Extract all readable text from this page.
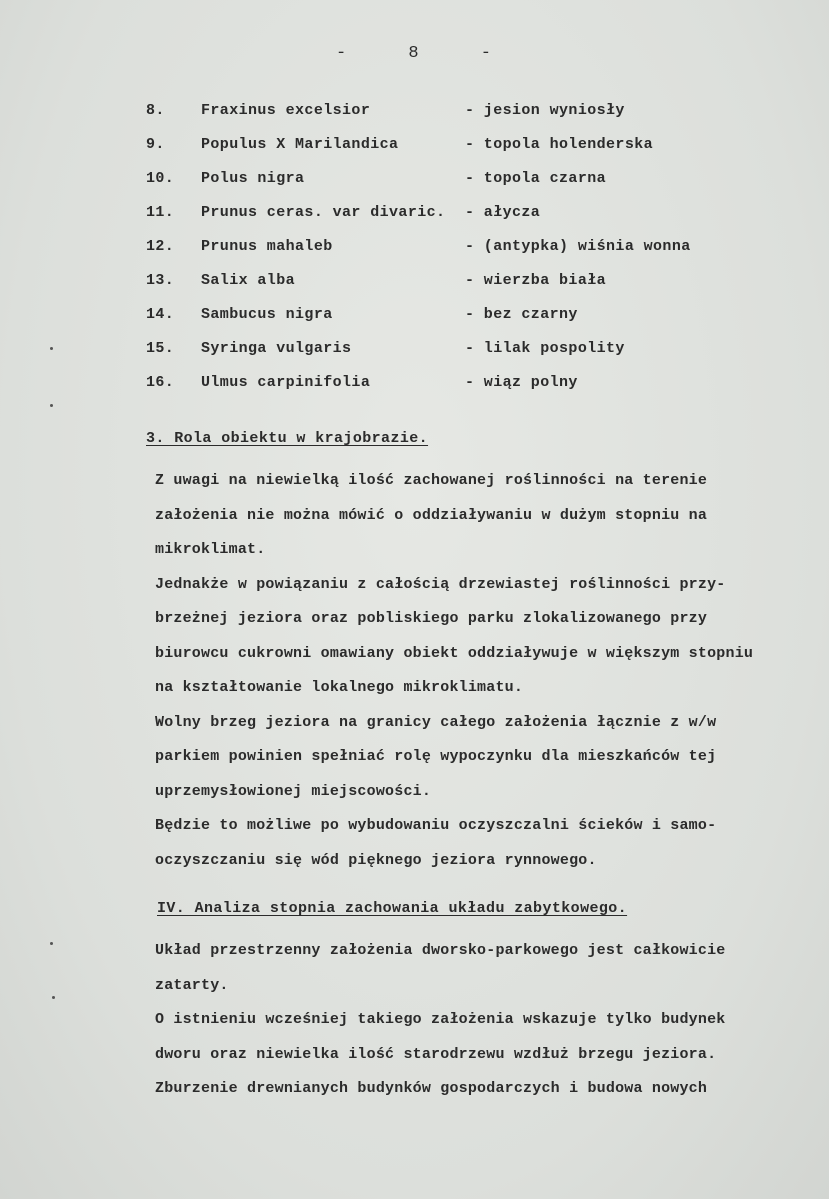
-	8	-
8. Fraxinus excelsior	- jesion wyniosły
9. Populus X Marilandica	- topola holenderska
10. Polus nigra	- topola czarna
11. Prunus ceras. var divaric. - ałycza
12. Prunus mahaleb	- (antypka) wiśnia wonna
13. Salix alba	- wierzba biała
14. Sambucus nigra	- bez czarny
15. Syringa vulgaris	- lilak pospolity
16. Ulmus carpinifolia	- wiąz polny
3. Rola obiektu w krajobrazie.

Z uwagi na niewielką ilość zachowanej roślinności na terenie

założenia nie można mówić o oddziaływaniu w dużym stopniu na

mikroklimat.

Jednakże w powiązaniu z całością drzewiastej roślinności przy-

brzeżnej jeziora oraz pobliskiego parku zlokalizowanego przy

biurowcu cukrowni omawiany obiekt oddziaływuje w większym stopniu

na kształtowanie lokalnego mikroklimatu.

Wolny brzeg jeziora na granicy całego założenia łącznie z w/w

parkiem powinien spełniać rolę wypoczynku dla mieszkańców tej

uprzemysłowionej miejscowości.

Będzie to możliwe po wybudowaniu oczyszczalni ścieków i samo-

oczyszczaniu się wód pięknego jeziora rynnowego.

IV. Analiza stopnia zachowania układu zabytkowego.

Układ przestrzenny założenia dworsko-parkowego jest całkowicie

zatarty.

O istnieniu wcześniej takiego założenia wskazuje tylko budynek

dworu oraz niewielka ilość starodrzewu wzdłuż brzegu jeziora.

Zburzenie drewnianych budynków gospodarczych i budowa nowych
